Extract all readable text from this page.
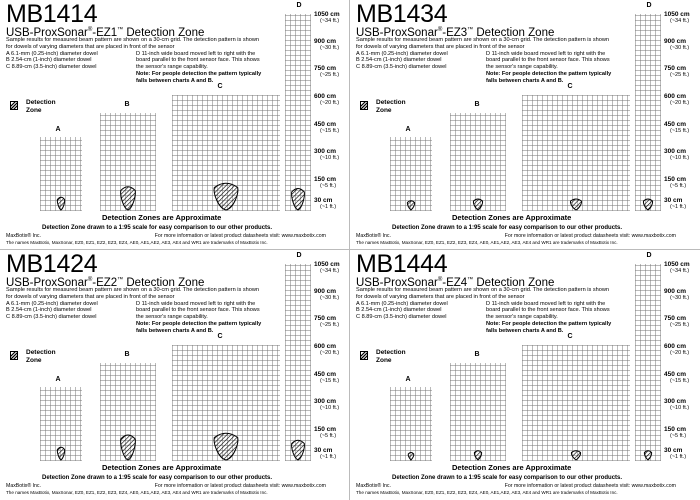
MB1414
USB-ProxSonar®-EZ1™ Detection Zone
Sample results for measured beam pattern are shown on a 30-cm grid. The detection pattern is shown for dowels of varying diameters that are placed in front of the sensor
A 6.1-mm (0.25-inch) diameter dowel
B 2.54-cm (1-inch) diameter dowel
C 8.89-cm (3.5-inch) diameter dowel
D 11-inch wide board moved left to right with the board parallel to the front sensor face. This shows the sensor's range capability.
Note: For people detection the pattern typically falls between charts A and B.
Detection Zone
A
B
C
D
1050 cm
(~34 ft.)
900 cm
(~30 ft.)
750 cm
(~25 ft.)
600 cm
(~20 ft.)
450 cm
(~15 ft.)
300 cm
(~10 ft.)
150 cm
(~5 ft.)
30 cm
(~1 ft.)
Detection Zones are Approximate
Detection Zone drawn to a 1:95 scale for easy comparison to our other products.
MaxBotix® Inc.	For more information or latest product datasheets visit: www.maxbotix.com
The names MaxBotix, MaxSonar, EZ0, EZ1, EZ2, EZ3, EZ4, AE0, AE1,AE2, AE3, AE4 and WR1 are trademarks of MaxBotix Inc.
MB1434
USB-ProxSonar®-EZ3™ Detection Zone
Sample results for measured beam pattern are shown on a 30-cm grid. The detection pattern is shown for dowels of varying diameters that are placed in front of the sensor
A 6.1-mm (0.25-inch) diameter dowel
B 2.54-cm (1-inch) diameter dowel
C 8.89-cm (3.5-inch) diameter dowel
D 11-inch wide board moved left to right with the board parallel to the front sensor face. This shows the sensor's range capability.
Note: For people detection the pattern typically falls between charts A and B.
Detection Zone
A
B
C
D
1050 cm
(~34 ft.)
900 cm
(~30 ft.)
750 cm
(~25 ft.)
600 cm
(~20 ft.)
450 cm
(~15 ft.)
300 cm
(~10 ft.)
150 cm
(~5 ft.)
30 cm
(~1 ft.)
Detection Zones are Approximate
Detection Zone drawn to a 1:95 scale for easy comparison to our other products.
MaxBotix® Inc.	For more information or latest product datasheets visit: www.maxbotix.com
The names MaxBotix, MaxSonar, EZ0, EZ1, EZ2, EZ3, EZ4, AE0, AE1,AE2, AE3, AE4 and WR1 are trademarks of MaxBotix Inc.
MB1424
USB-ProxSonar®-EZ2™ Detection Zone
Sample results for measured beam pattern are shown on a 30-cm grid. The detection pattern is shown for dowels of varying diameters that are placed in front of the sensor
A 6.1-mm (0.25-inch) diameter dowel
B 2.54-cm (1-inch) diameter dowel
C 8.89-cm (3.5-inch) diameter dowel
D 11-inch wide board moved left to right with the board parallel to the front sensor face. This shows the sensor's range capability.
Note: For people detection the pattern typically falls between charts A and B.
Detection Zone
A
B
C
D
1050 cm
(~34 ft.)
900 cm
(~30 ft.)
750 cm
(~25 ft.)
600 cm
(~20 ft.)
450 cm
(~15 ft.)
300 cm
(~10 ft.)
150 cm
(~5 ft.)
30 cm
(~1 ft.)
Detection Zones are Approximate
Detection Zone drawn to a 1:95 scale for easy comparison to our other products.
MaxBotix® Inc.	For more information or latest product datasheets visit: www.maxbotix.com
The names MaxBotix, MaxSonar, EZ0, EZ1, EZ2, EZ3, EZ4, AE0, AE1,AE2, AE3, AE4 and WR1 are trademarks of MaxBotix Inc.
MB1444
USB-ProxSonar®-EZ4™ Detection Zone
Sample results for measured beam pattern are shown on a 30-cm grid. The detection pattern is shown for dowels of varying diameters that are placed in front of the sensor
A 6.1-mm (0.25-inch) diameter dowel
B 2.54-cm (1-inch) diameter dowel
C 8.89-cm (3.5-inch) diameter dowel
D 11-inch wide board moved left to right with the board parallel to the front sensor face. This shows the sensor's range capability.
Note: For people detection the pattern typically falls between charts A and B.
Detection Zone
A
B
C
D
1050 cm
(~34 ft.)
900 cm
(~30 ft.)
750 cm
(~25 ft.)
600 cm
(~20 ft.)
450 cm
(~15 ft.)
300 cm
(~10 ft.)
150 cm
(~5 ft.)
30 cm
(~1 ft.)
Detection Zones are Approximate
Detection Zone drawn to a 1:95 scale for easy comparison to our other products.
MaxBotix® Inc.	For more information or latest product datasheets visit: www.maxbotix.com
The names MaxBotix, MaxSonar, EZ0, EZ1, EZ2, EZ3, EZ4, AE0, AE1,AE2, AE3, AE4 and WR1 are trademarks of MaxBotix Inc.
